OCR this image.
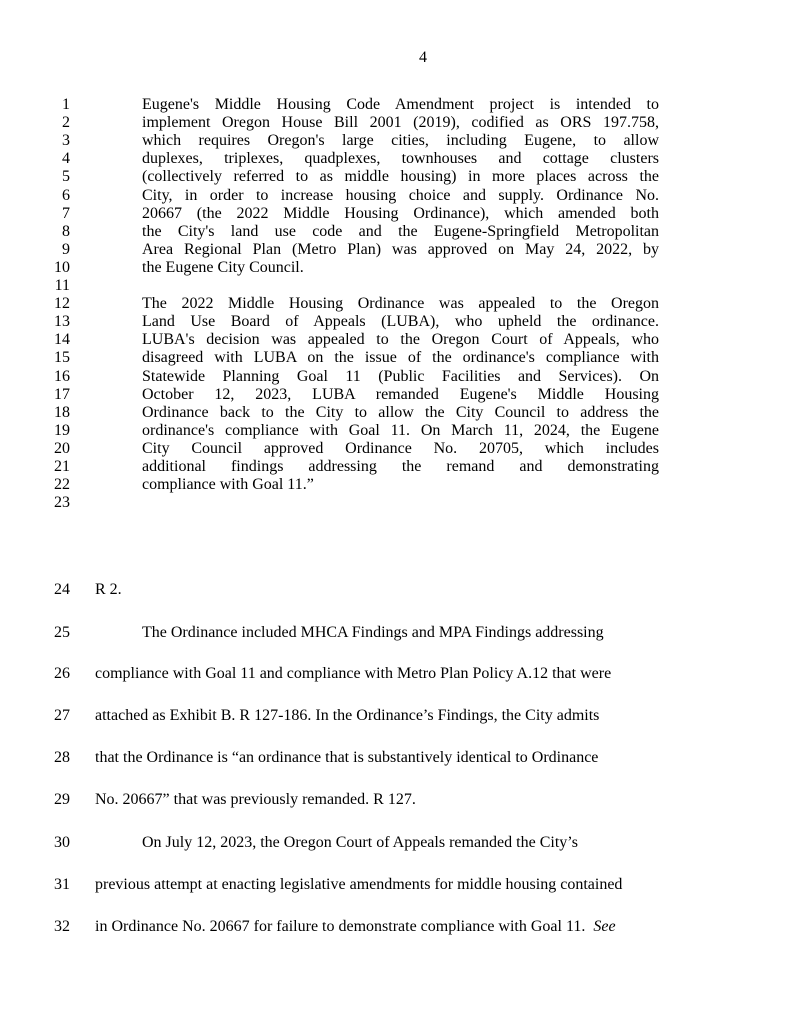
4
1	Eugene's Middle Housing Code Amendment project is intended to
2	implement Oregon House Bill 2001 (2019), codified as ORS 197.758,
3	which requires Oregon's large cities, including Eugene, to allow
4	duplexes, triplexes, quadplexes, townhouses and cottage clusters
5	(collectively referred to as middle housing) in more places across the
6	City, in order to increase housing choice and supply. Ordinance No.
7	20667 (the 2022 Middle Housing Ordinance), which amended both
8	the City's land use code and the Eugene-Springfield Metropolitan
9	Area Regional Plan (Metro Plan) was approved on May 24, 2022, by
10	the Eugene City Council.
11
12	The 2022 Middle Housing Ordinance was appealed to the Oregon
13	Land Use Board of Appeals (LUBA), who upheld the ordinance.
14	LUBA's decision was appealed to the Oregon Court of Appeals, who
15	disagreed with LUBA on the issue of the ordinance's compliance with
16	Statewide Planning Goal 11 (Public Facilities and Services). On
17	October 12, 2023, LUBA remanded Eugene's Middle Housing
18	Ordinance back to the City to allow the City Council to address the
19	ordinance's compliance with Goal 11. On March 11, 2024, the Eugene
20	City Council approved Ordinance No. 20705, which includes
21	additional findings addressing the remand and demonstrating
22	compliance with Goal 11.”
23
24 R 2.
25	The Ordinance included MHCA Findings and MPA Findings addressing
26 compliance with Goal 11 and compliance with Metro Plan Policy A.12 that were
27 attached as Exhibit B. R 127-186. In the Ordinance’s Findings, the City admits
28 that the Ordinance is “an ordinance that is substantively identical to Ordinance
29 No. 20667” that was previously remanded. R 127.
30	On July 12, 2023, the Oregon Court of Appeals remanded the City’s
31 previous attempt at enacting legislative amendments for middle housing contained
32 in Ordinance No. 20667 for failure to demonstrate compliance with Goal 11. See
